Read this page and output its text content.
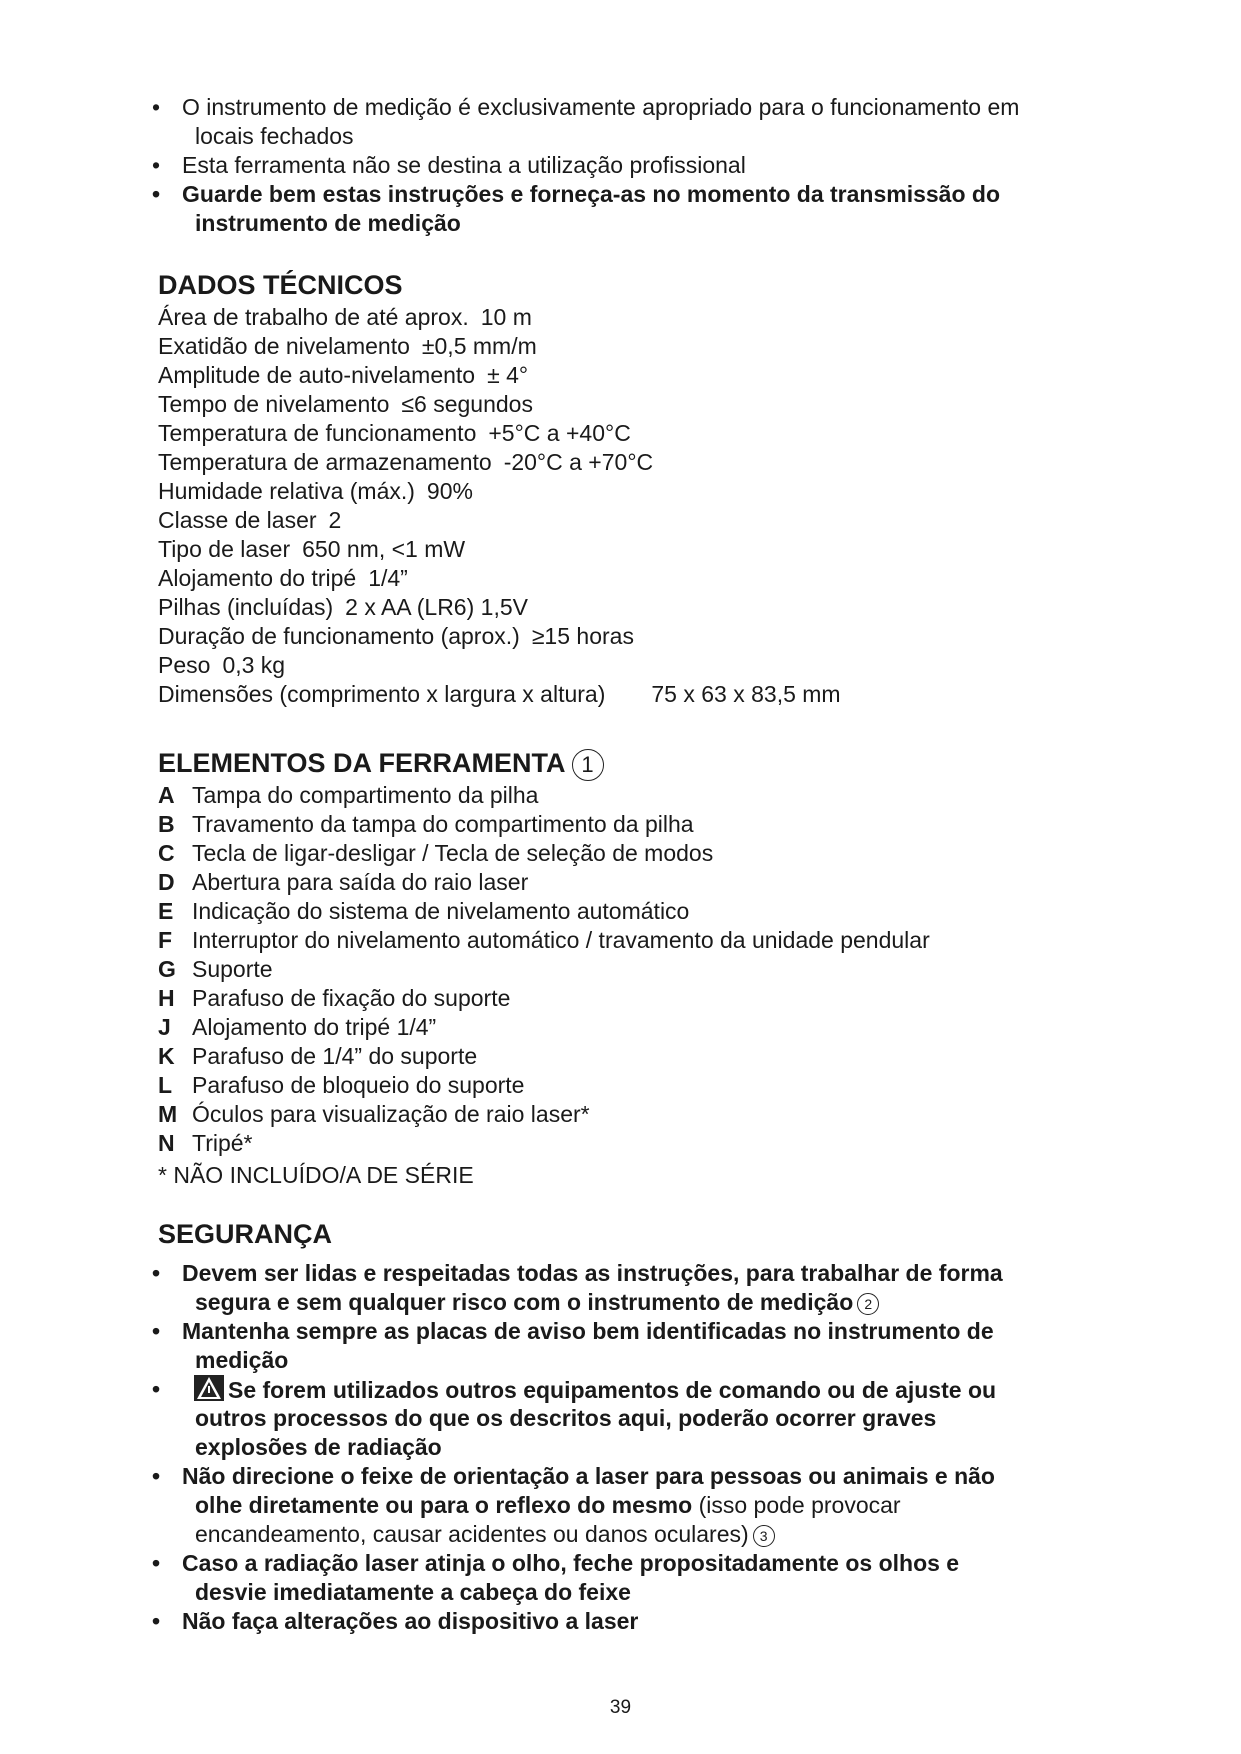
• O instrumento de medição é exclusivamente apropriado para o funcionamento em
locais fechados
• Esta ferramenta não se destina a utilização profissional
• Guarde bem estas instruções e forneça-as no momento da transmissão do
instrumento de medição
DADOS TÉCNICOS
Área de trabalho de até aprox. 10 m
Exatidão de nivelamento ±0,5 mm/m
Amplitude de auto-nivelamento ± 4°
Tempo de nivelamento ≤6 segundos
Temperatura de funcionamento +5°C a +40°C
Temperatura de armazenamento -20°C a +70°C
Humidade relativa (máx.) 90%
Classe de laser 2
Tipo de laser 650 nm, <1 mW
Alojamento do tripé 1/4”
Pilhas (incluídas) 2 x AA (LR6) 1,5V
Duração de funcionamento (aprox.) ≥15 horas
Peso 0,3 kg
Dimensões (comprimento x largura x altura) 75 x 63 x 83,5 mm
ELEMENTOS DA FERRAMENTA 1
A Tampa do compartimento da pilha
B Travamento da tampa do compartimento da pilha
C Tecla de ligar-desligar / Tecla de seleção de modos
D Abertura para saída do raio laser
E Indicação do sistema de nivelamento automático
F Interruptor do nivelamento automático / travamento da unidade pendular
G Suporte
H Parafuso de fixação do suporte
J Alojamento do tripé 1/4”
K Parafuso de 1/4” do suporte
L Parafuso de bloqueio do suporte
M Óculos para visualização de raio laser*
N Tripé*
* NÃO INCLUÍDO/A DE SÉRIE
SEGURANÇA
• Devem ser lidas e respeitadas todas as instruções, para trabalhar de forma
segura e sem qualquer risco com o instrumento de medição 2
• Mantenha sempre as placas de aviso bem identificadas no instrumento de
medição
•	Se forem utilizados outros equipamentos de comando ou de ajuste ou
outros processos do que os descritos aqui, poderão ocorrer graves
explosões de radiação
• Não direcione o feixe de orientação a laser para pessoas ou animais e não
olhe diretamente ou para o reflexo do mesmo (isso pode provocar
encandeamento, causar acidentes ou danos oculares) 3
• Caso a radiação laser atinja o olho, feche propositadamente os olhos e
desvie imediatamente a cabeça do feixe
• Não faça alterações ao dispositivo a laser
39
